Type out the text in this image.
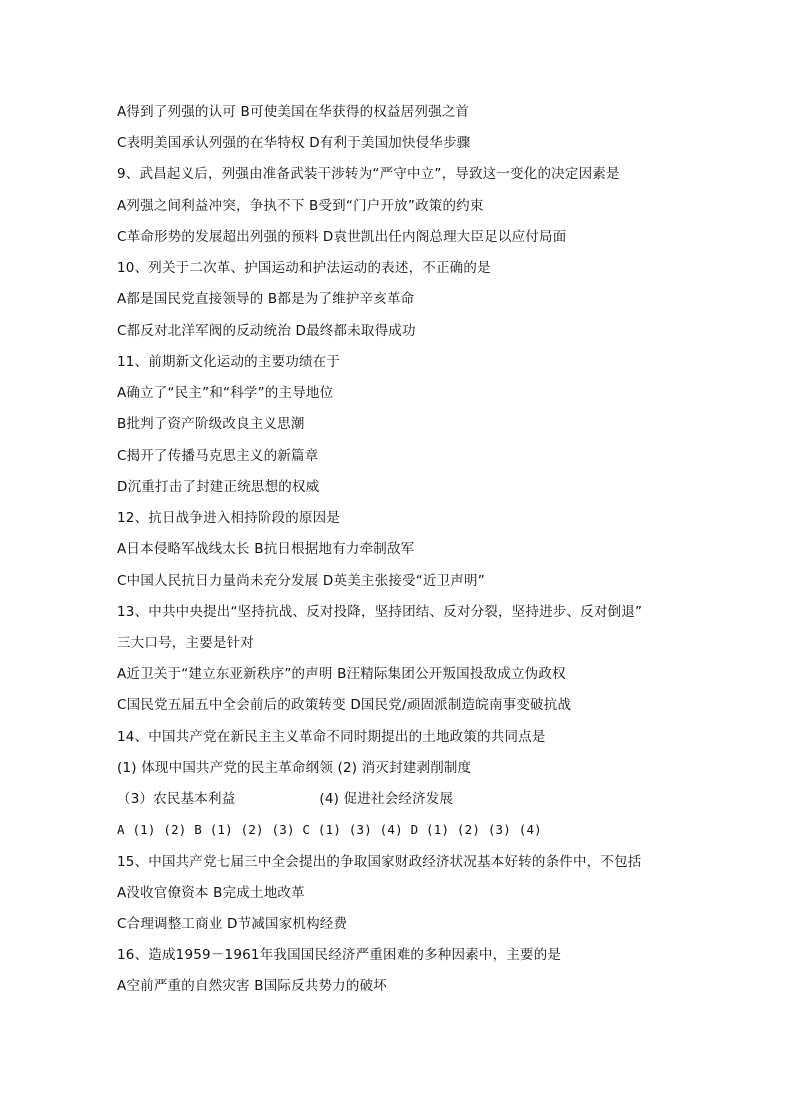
A得到了列强的认可 B可使美国在华获得的权益居列强之首
C表明美国承认列强的在华特权 D有利于美国加快侵华步骤
9、武昌起义后，列强由准备武装干涉转为“严守中立”，导致这一变化的决定因素是
A列强之间利益冲突，争执不下 B受到“门户开放”政策的约束
C革命形势的发展超出列强的预料 D袁世凯出任内阁总理大臣足以应付局面
10、列关于二次革、护国运动和护法运动的表述，不正确的是
A都是国民党直接领导的 B都是为了维护辛亥革命
C都反对北洋军阀的反动统治 D最终都未取得成功
11、前期新文化运动的主要功绩在于
A确立了“民主”和“科学”的主导地位
B批判了资产阶级改良主义思潮
C揭开了传播马克思主义的新篇章
D沉重打击了封建正统思想的权威
12、抗日战争进入相持阶段的原因是
A日本侵略军战线太长 B抗日根据地有力牵制敌军
C中国人民抗日力量尚未充分发展 D英美主张接受“近卫声明”
13、中共中央提出“坚持抗战、反对投降，坚持团结、反对分裂，坚持进步、反对倒退”
三大口号，主要是针对
A近卫关于“建立东亚新秩序”的声明 B汪精际集团公开叛国投敌成立伪政权
C国民党五届五中全会前后的政策转变 D国民党/顽固派制造皖南事变破抗战
14、中国共产党在新民主主义革命不同时期提出的土地政策的共同点是
(1) 体现中国共产党的民主革命纲领 (2) 消灭封建剥削制度
（3）农民基本利益	(4) 促进社会经济发展
A (1) (2) B (1) (2) (3) C (1) (3) (4) D (1) (2) (3) (4)
15、中国共产党七届三中全会提出的争取国家财政经济状况基本好转的条件中，不包括
A没收官僚资本 B完成土地改革
C合理调整工商业 D节减国家机构经费
16、造成1959－1961年我国国民经济严重困难的多种因素中，主要的是
A空前严重的自然灾害 B国际反共势力的破坏
